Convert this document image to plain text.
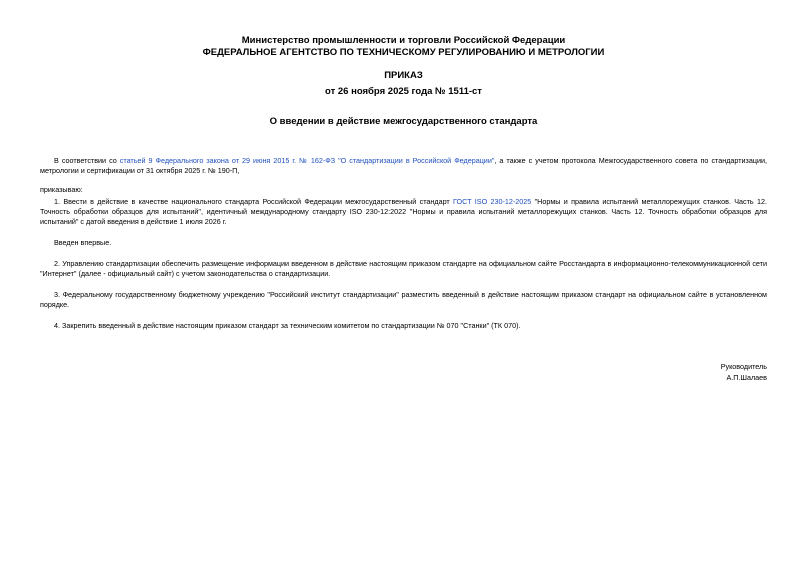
Министерство промышленности и торговли Российской Федерации
ФЕДЕРАЛЬНОЕ АГЕНТСТВО ПО ТЕХНИЧЕСКОМУ РЕГУЛИРОВАНИЮ И МЕТРОЛОГИИ
ПРИКАЗ
от 26 ноября 2025 года № 1511-ст
О введении в действие межгосударственного стандарта
В соответствии со статьей 9 Федерального закона от 29 июня 2015 г. № 162-ФЗ "О стандартизации в Российской Федерации", а также с учетом протокола Межгосударственного совета по стандартизации, метрологии и сертификации от 31 октября 2025 г. № 190-П,
приказываю:
1. Ввести в действие в качестве национального стандарта Российской Федерации межгосударственный стандарт ГОСТ ISO 230-12-2025 "Нормы и правила испытаний металлорежущих станков. Часть 12. Точность обработки образцов для испытаний", идентичный международному стандарту ISO 230-12:2022 "Нормы и правила испытаний металлорежущих станков. Часть 12. Точность обработки образцов для испытаний" с датой введения в действие 1 июля 2026 г.
Введен впервые.
2. Управлению стандартизации обеспечить размещение информации введенном в действие настоящим приказом стандарте на официальном сайте Росстандарта в информационно-телекоммуникационной сети "Интернет" (далее - официальный сайт) с учетом законодательства о стандартизации.
3. Федеральному государственному бюджетному учреждению "Российский институт стандартизации" разместить введенный в действие настоящим приказом стандарт на официальном сайте в установленном порядке.
4. Закрепить введенный в действие настоящим приказом стандарт за техническим комитетом по стандартизации № 070 "Станки" (ТК 070).
Руководитель
А.П.Шалаев
